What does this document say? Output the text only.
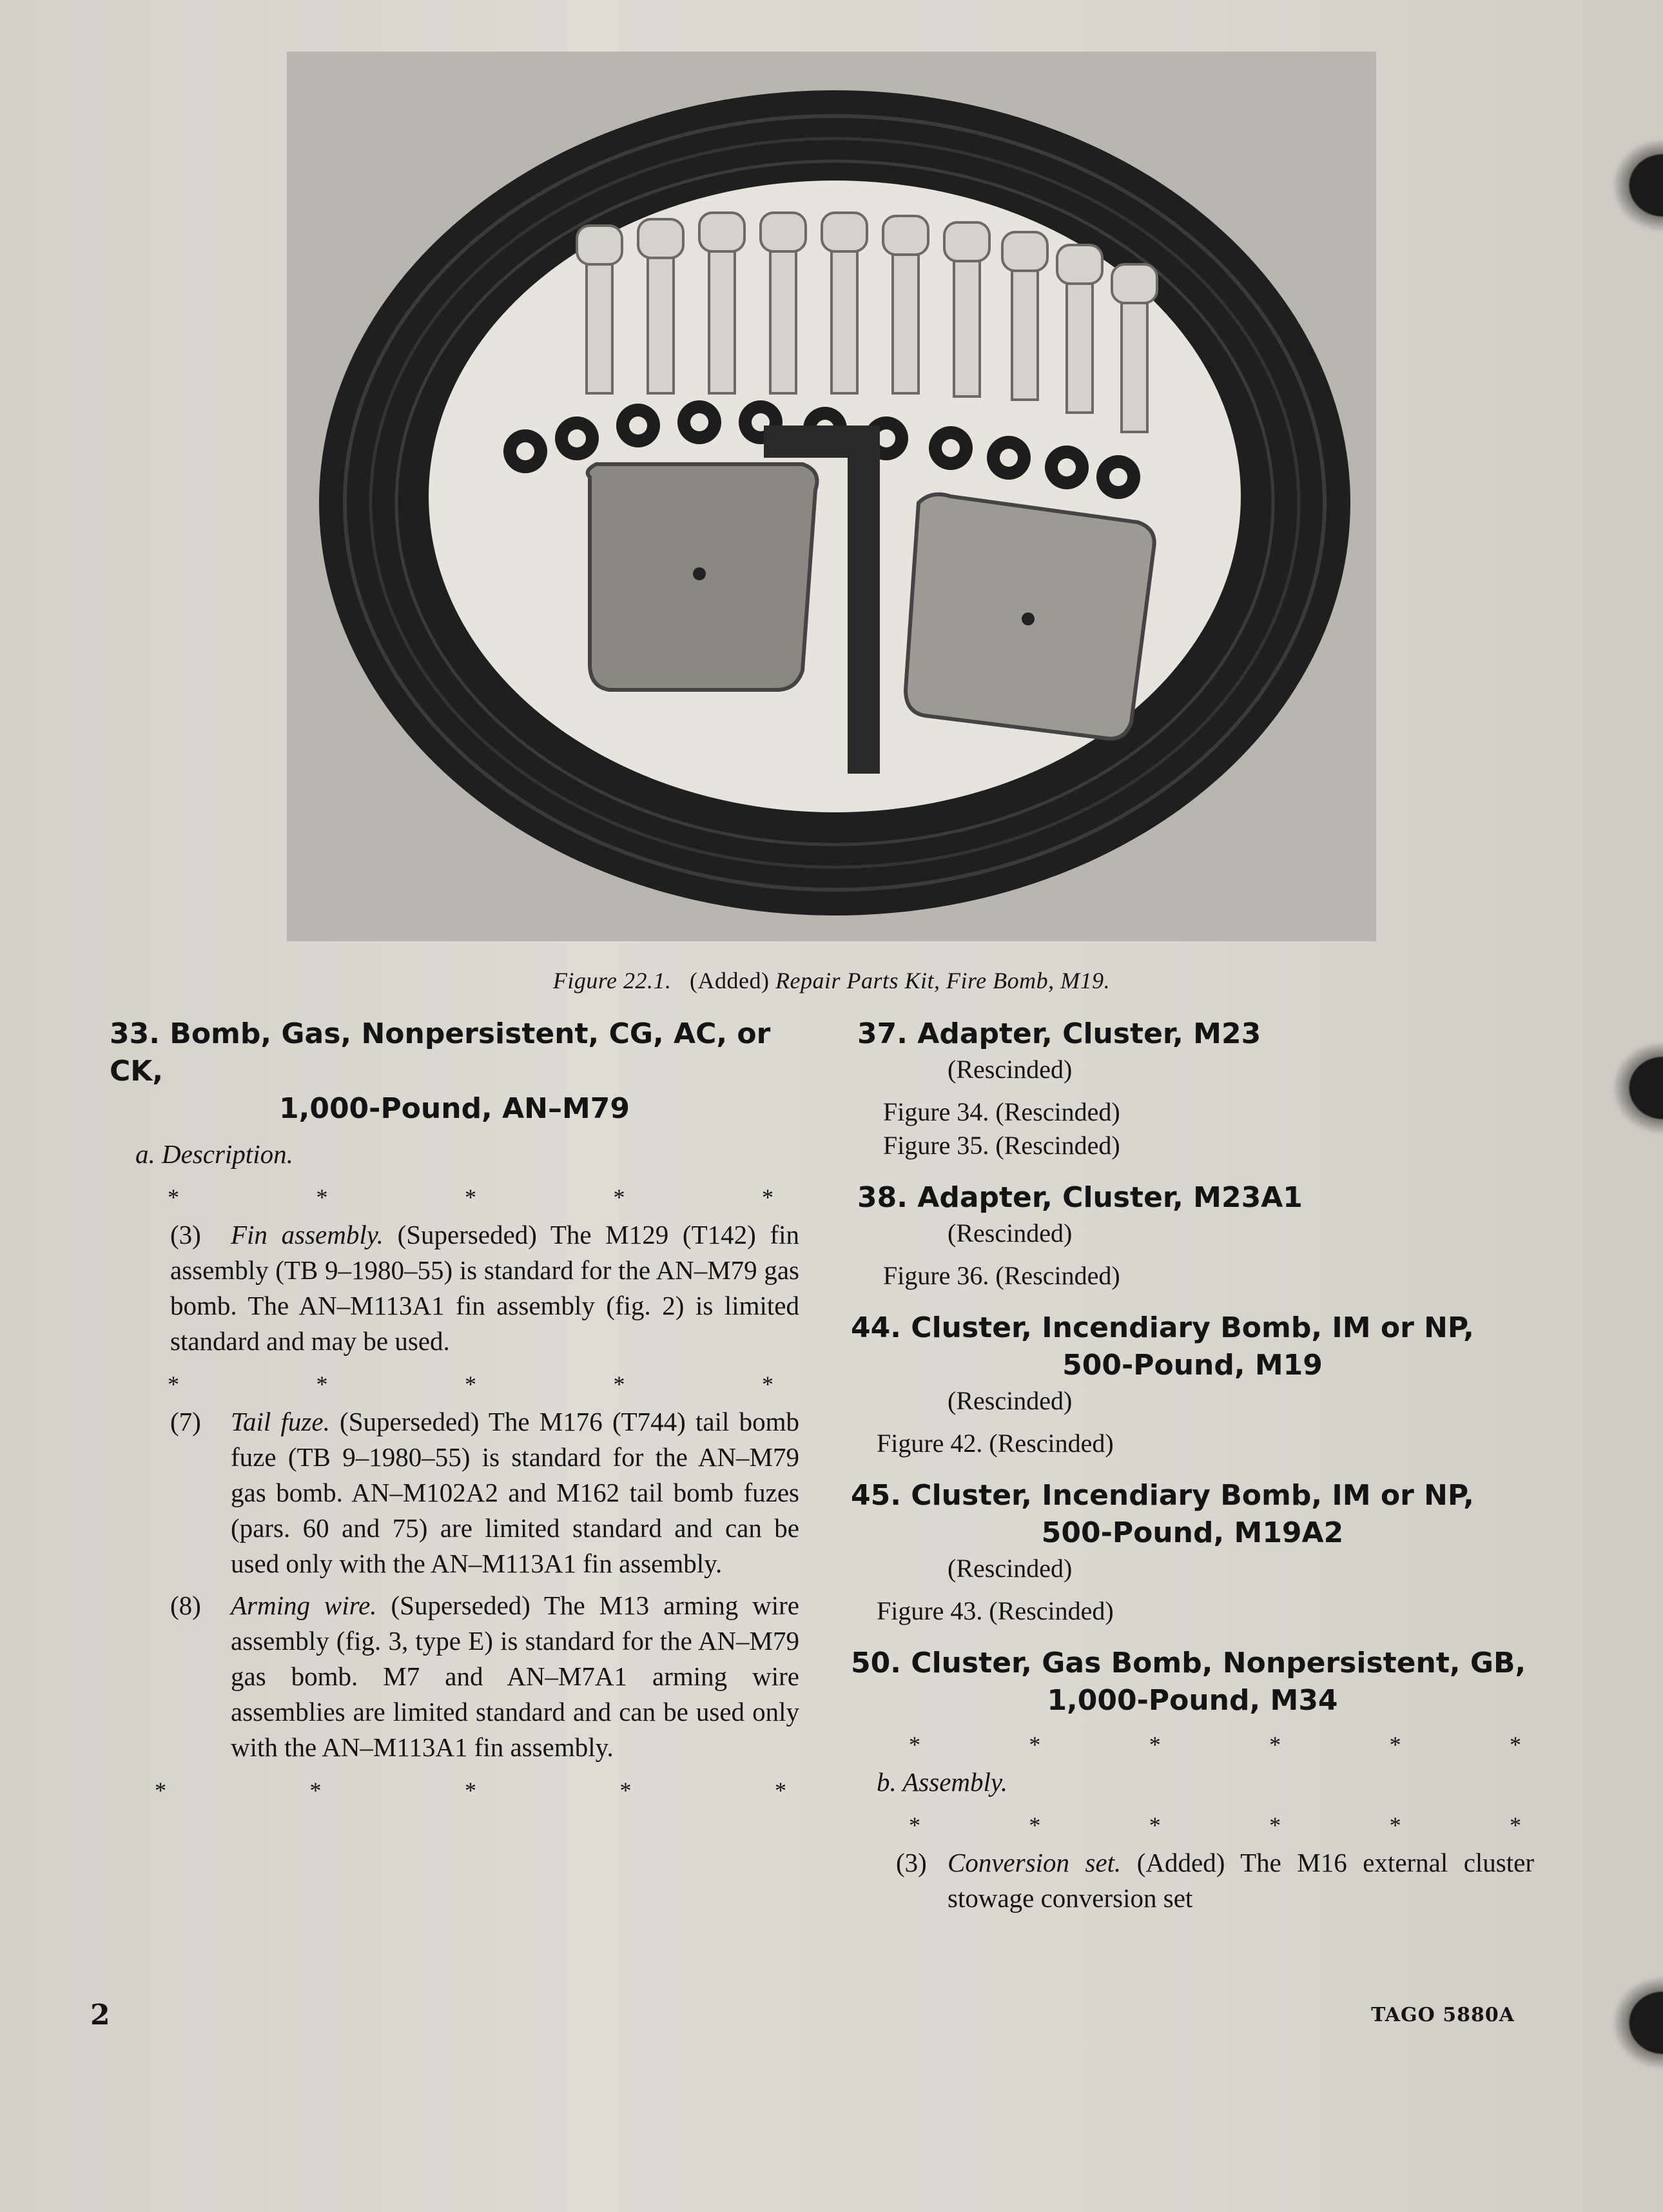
Figure 22.1. (Added) Repair Parts Kit, Fire Bomb, M19.
33. Bomb, Gas, Nonpersistent, CG, AC, or CK,
1,000-Pound, AN–M79
a. Description.
*	*	*	*	*
(3) Fin assembly. (Superseded) The M129 (T142) fin assembly (TB 9–1980–55) is standard for the AN–M79 gas bomb. The AN–M113A1 fin assembly (fig. 2) is limited standard and may be used.
*	*	*	*	*
(7) Tail fuze. (Superseded) The M176 (T744) tail bomb fuze (TB 9–1980–55) is standard for the AN–M79 gas bomb. AN–M102A2 and M162 tail bomb fuzes (pars. 60 and 75) are limited standard and can be used only with the AN–M113A1 fin assembly.
(8) Arming wire. (Superseded) The M13 arming wire assembly (fig. 3, type E) is standard for the AN–M79 gas bomb. M7 and AN–M7A1 arming wire assemblies are limited standard and can be used only with the AN–M113A1 fin assembly.
*	*	*	*	*
37. Adapter, Cluster, M23
(Rescinded)
Figure 34. (Rescinded)
Figure 35. (Rescinded)
38. Adapter, Cluster, M23A1
(Rescinded)
Figure 36. (Rescinded)
44. Cluster, Incendiary Bomb, IM or NP,
500-Pound, M19
(Rescinded)
Figure 42. (Rescinded)
45. Cluster, Incendiary Bomb, IM or NP,
500-Pound, M19A2
(Rescinded)
Figure 43. (Rescinded)
50. Cluster, Gas Bomb, Nonpersistent, GB,
1,000-Pound, M34
*	*	*	*	*	*
b. Assembly.
*	*	*	*	*	*
(3) Conversion set. (Added) The M16 external cluster stowage conversion set
2	TAGO 5880A
